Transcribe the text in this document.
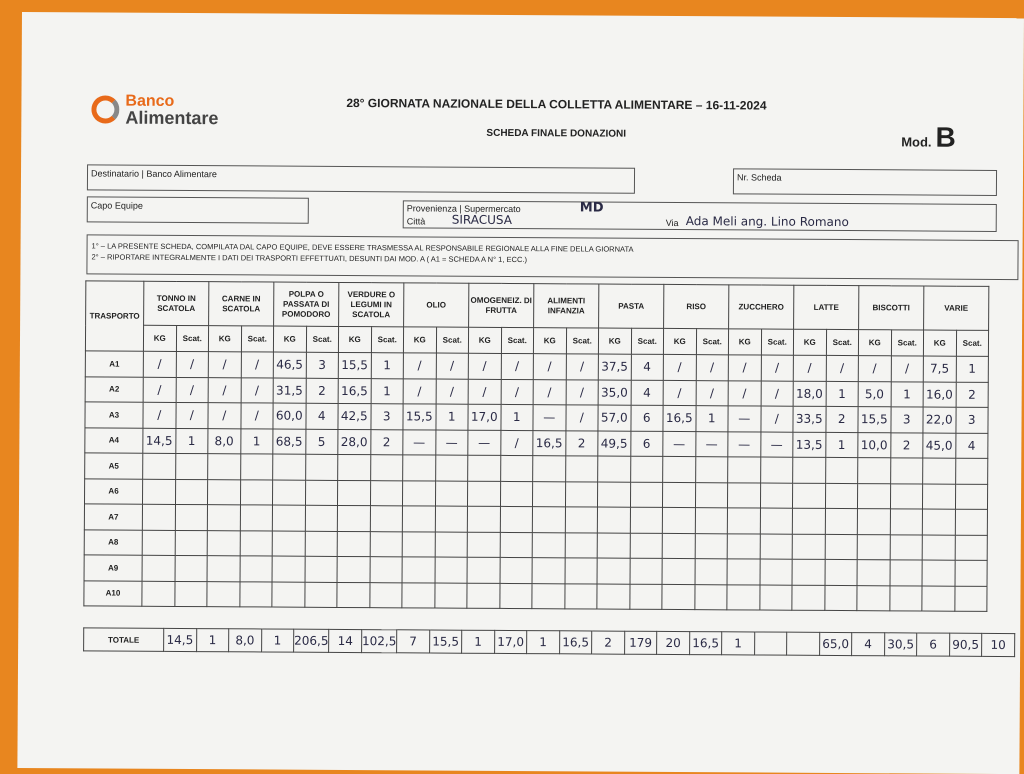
Banco
Alimentare
28° GIORNATA NAZIONALE DELLA COLLETTA ALIMENTARE – 16-11-2024
SCHEDA FINALE DONAZIONI
Mod. B
Destinatario | Banco Alimentare	Nr. Scheda
Capo Equipe	Provenienza | Supermercato	MD
Città SIRACUSA	Via Ada Meli ang. Lino Romano
1° – LA PRESENTE SCHEDA, COMPILATA DAL CAPO EQUIPE, DEVE ESSERE TRASMESSA AL RESPONSABILE REGIONALE ALLA FINE DELLA GIORNATA
2° – RIPORTARE INTEGRALMENTE I DATI DEI TRASPORTI EFFETTUATI, DESUNTI DAI MOD. A ( A1 = SCHEDA A N° 1, ECC.)
TRASPORTO	TONNO IN SCATOLA		CARNE IN SCATOLA		POLPA O PASSATA DI POMODORO		VERDURE O LEGUMI IN SCATOLA		OLIO		OMOGENEIZ. DI FRUTTA		ALIMENTI INFANZIA		PASTA		RISO		ZUCCHERO		LATTE		BISCOTTI		VARIE	
	KG	Scat.	KG	Scat.	KG	Scat.	KG	Scat.	KG	Scat.	KG	Scat.	KG	Scat.	KG	Scat.	KG	Scat.	KG	Scat.	KG	Scat.	KG	Scat.	KG	Scat.
A1	/	/	/	/	46,5	3	15,5	1	/	/	/	/	/	/	37,5	4	/	/	/	/	/	/	/	/	7,5	1
A2	/	/	/	/	31,5	2	16,5	1	/	/	/	/	/	/	35,0	4	/	/	/	/	18,0	1	5,0	1	16,0	2
A3	/	/	/	/	60,0	4	42,5	3	15,5	1	17,0	1	—	/	57,0	6	16,5	1	—	/	33,5	2	15,5	3	22,0	3
A4	14,5	1	8,0	1	68,5	5	28,0	2	—	—	—	/	16,5	2	49,5	6	—	—	—	—	13,5	1	10,0	2	45,0	4
A5																										
A6																										
A7																										
A8																										
A9																										
A10																										
TOTALE	14,5	1	8,0	1	206,5	14	102,5	7	15,5	1	17,0	1	16,5	2	179	20	16,5	1			65,0	4	30,5	6	90,5	10
